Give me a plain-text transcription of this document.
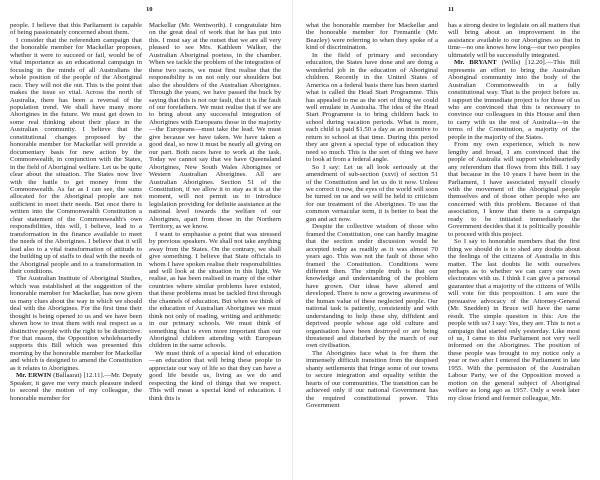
10	11

people. I believe that this Parliament is capable of being passionately concerned about them.

I consider that the referendum campaign that the honorable member for Mackellar proposes, whether it were to succeed or fail, would be of vital importance as an educational campaign in focusing in the minds of all Australians the whole position of the people of the Aboriginal race. They will not die out. This is the point that makes the issue so vital. Across the north of Australia, there has been a reversal of the population trend. We shall have many more Aborigines in the future. We must get down to some real thinking about their place in the Australian community. I believe that the constitutional changes proposed by the honorable member for Mackellar will provide a documentary basis for new action by the Commonwealth, in conjunction with the States, in the field of Aboriginal welfare. Let us be quite clear about the situation. The States now live with the battle to get money from the Commonwealth. As far as I can see, the sums allocated for the Aboriginal people are not sufficient to meet their needs. But once there is written into the Commonwealth Constitution a clear statement of the Commonwealth's own responsibilities, this will, I believe, lead to a transformation in the finance available to meet the needs of the Aborigines. I believe that it will lead also to a vital transformation of attitude to the building up of staffs to deal with the needs of the Aboriginal people and to a transformation in their conditions.

The Australian Institute of Aboriginal Studies, which was established at the suggestion of the honorable member for Mackellar, has now given us many clues about the way in which we should deal with the Aborigines. For the first time their thought is being opened to us and we have been shown how to treat them with real respect as a distinctive people with the right to be distinctive. For that reason, the Opposition wholeheartedly supports this Bill which was presented this morning by the honorable member for Mackellar and which is designed to amend the Constitution as it relates to Aborigines.

Mr. ERWIN (Ballaarat) [12.11].—Mr. Deputy Speaker, it gave me very much pleasure indeed to second the motion of my colleague, the honorable member for

Mackellar (Mr. Wentworth). I congratulate him on the great deal of work that he has put into this. I must say at the outset that we are all very pleased to see Mrs. Kathleen Walker, the Australian Aboriginal poetess, in the chamber. When we tackle the problem of the integration of these two races, we must first realise that the responsibility is on not only our shoulders but also the shoulders of the Australian Aborigines. Through the years, we have passed the buck by saying that this is not our fault, that it is the fault of our forefathers. We must realise that if we are to bring about any successful integration of Aborigines with Europeans those in the majority—the Europeans—must take the lead. We must give because we have taken. We have taken a good deal, so now it must be nearly all giving on our part. Both races have to work at the task. Today we cannot say that we have Queensland Aborigines, New South Wales Aborigines or Western Australian Aborigines. All are Australian Aborigines. Section 51 of the Constitution, if we allow it to stay as it is at the moment, will not permit us to introduce legislation providing for definite assistance at the national level towards the welfare of our Aborigines, apart from those in the Northern Territory, as we know.

I want to emphasise a point that was stressed by previous speakers. We shall not take anything away from the States. On the contrary, we shall give something. I believe that State officials to whom I have spoken realise their responsibilities and will look at the situation in this light. We realise, as has been realised in many of the other countries where similar problems have existed, that these problems must be tackled first through the channels of education. But when we think of the education of Australian Aborigines we must think not only of reading, writing and arithmetic in our primary schools. We must think of something that is even more important than our Aboriginal children attending with European children in the same schools.

We must think of a special kind of education—an education that will bring these people to appreciate our way of life so that they can have a good life beside us, living as we do and respecting the kind of things that we respect. This will mean a special kind of education. I think this is

what the honorable member for Mackellar and the honorable member for Fremantle (Mr. Beazley) were referring to when they spoke of a kind of discrimination.

In the field of primary and secondary education, the States have done and are doing a wonderful job in the education of Aboriginal children. Recently in the United States of America on a federal basis there has been started what is called the Head Start Programme. This has appealed to me as the sort of thing we could well emulate in Australia. The idea of the Head Start Programme is to bring children back to school during vacation periods. What is more, each child is paid $1.50 a day as an incentive to return to school at that time. During this period they are given a special type of education they need so much. This is the sort of thing we have to look at from a federal angle.

So I say: Let us all look seriously at the amendment of sub-section (xxvi) of section 51 of the Constitution and let us do it now. Unless we correct it now, the eyes of the world will soon be turned on us and we will be held to criticism for our treatment of the Aborigines. To use the common vernacular term, it is better to beat the gun and act now.

Despite the collective wisdom of those who framed the Constitution, one can hardly imagine that the section under discussion would be accepted today as readily as it was almost 70 years ago. This was not the fault of those who framed the Constitution. Conditions were different then. The simple truth is that our knowledge and understanding of the problem have grown. Our ideas have altered and developed. There is now a growing awareness of the human value of these neglected people. Our national task is patiently, consistently and with understanding to help these shy, diffident and deprived people whose age old culture and organisation have been destroyed or are being threatened and disturbed by the march of our own civilisation.

The Aborigines face what is for them the immensely difficult transition from the despised shanty settlements that fringe some of our towns to secure integration and equality within the hearts of our communities. The transition can be achieved only if our national Government has the required constitutional power. This Government

has a strong desire to legislate on all matters that will bring about an improvement in the assistance available to our Aborigines so that in time—no one knows how long—our two peoples ultimately will be successfully integrated.

Mr. BRYANT (Wills) [12.20].—This Bill represents an effort to bring the Australian Aboriginal community into the body of the Australian Commonwealth in a fully constitutional way. That is the project before us. I support the immediate project is for those of us who are convinced that this is necessary to convince our colleagues in this House and then to carry with us the rest of Australia—in the terms of the Constitution, a majority of the people in the majority of the States.

From my own experience, which is now lengthy and broad, I am convinced that the people of Australia will support wholeheartedly any referendum that flows from this Bill. I say that because in the 10 years I have been in the Parliament, I have associated myself closely with the movement of the Aboriginal people themselves and of those other people who are concerned with this problem. Because of that association, I know that there is a campaign ready to be initiated immediately the Government decides that it is politically possible to proceed with this project.

So I say to honorable members that the first thing we should do is to shed any doubts about the feelings of the citizens of Australia in this matter. The last doubts lie with ourselves perhaps as to whether we can carry our own electorates with us. I think I can give a personal guarantee that a majority of the citizens of Wills will vote for this proposition. I am sure the persuasive advocacy of the Attorney-General (Mr. Snedden) in Bruce will have the same result. The simple question is this: Are the people with us? I say: Yes, they are. This is not a campaign that started only yesterday. Like most of us, I came to this Parliament not very well informed on the Aborigines. The position of these people was brought to my notice only a year or two after I entered the Parliament in late 1955. With the permission of the Australian Labour Party, we of the Opposition moved a motion on the general subject of Aboriginal welfare as long ago as 1957. Only a week later my close friend and former colleague, Mr.
